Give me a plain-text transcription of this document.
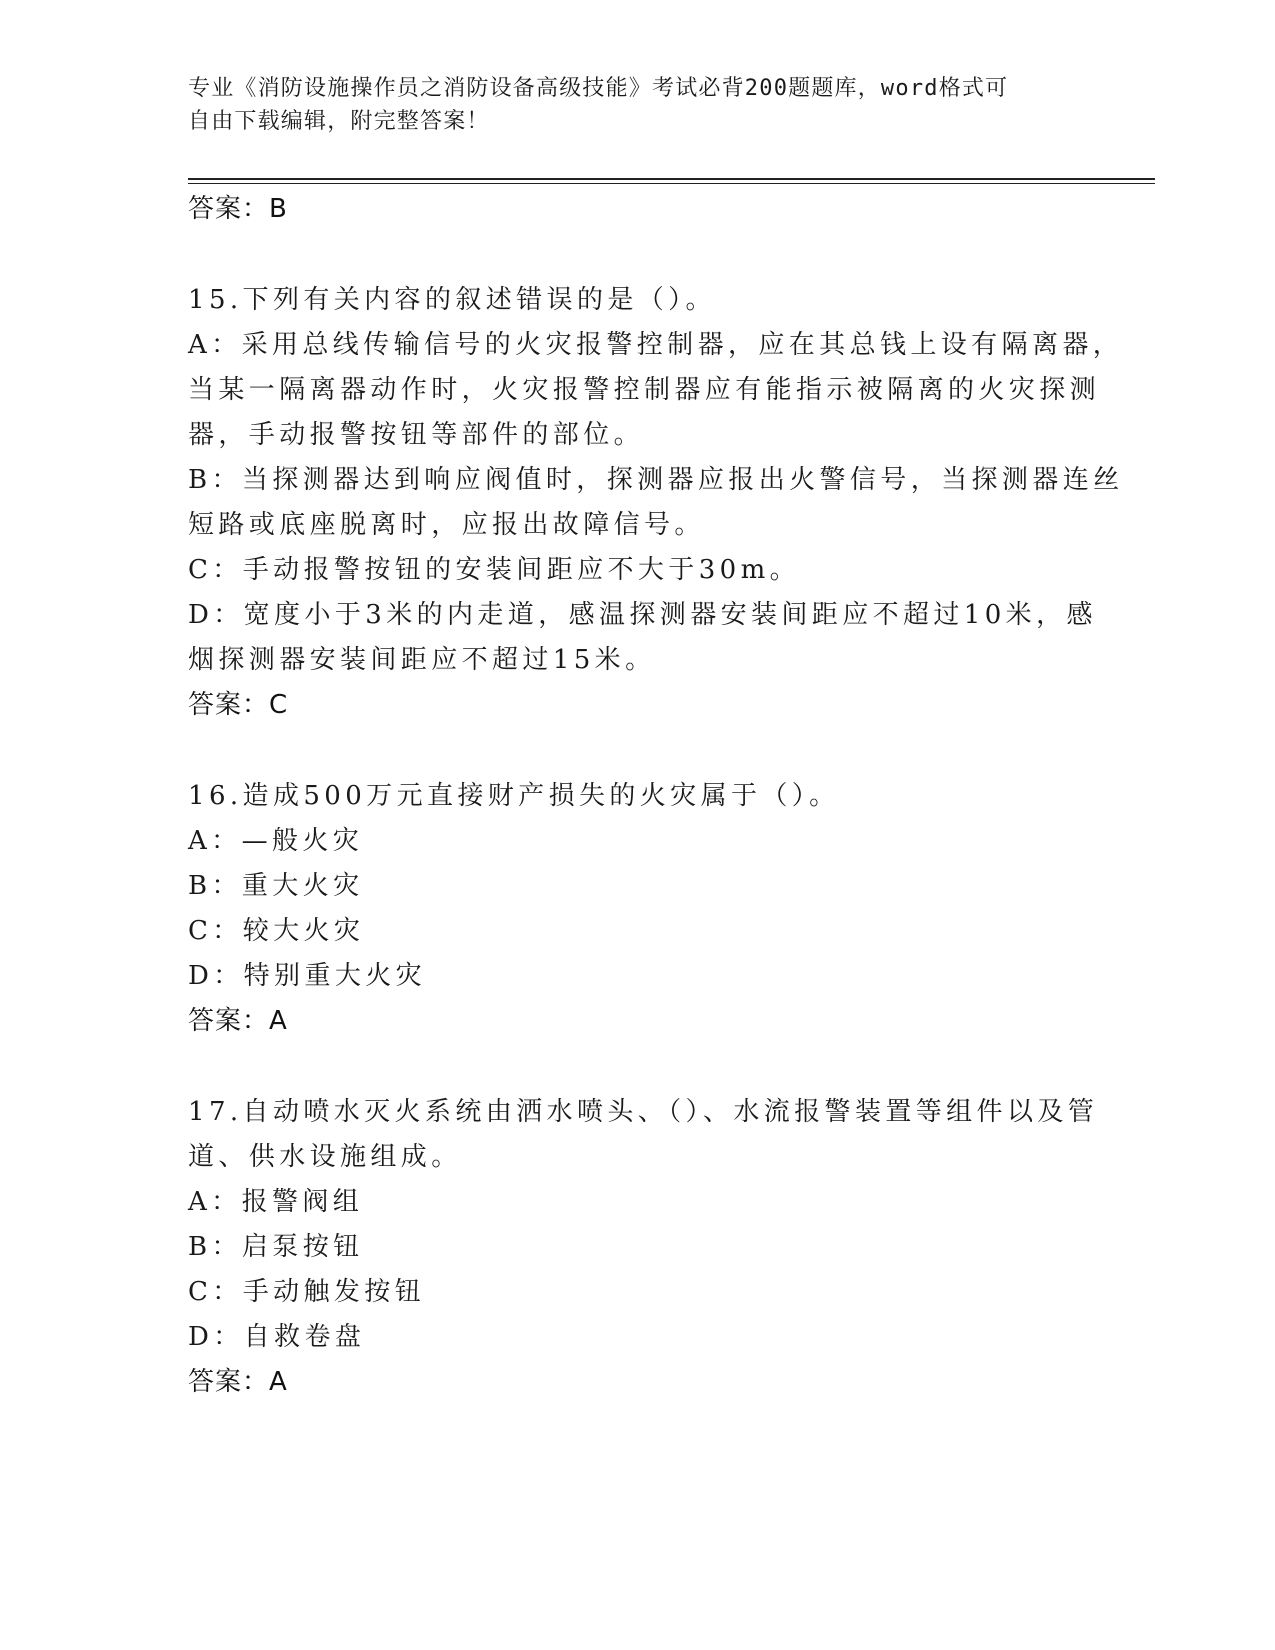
专业《消防设施操作员之消防设备高级技能》考试必背200题题库，word格式可
自由下载编辑，附完整答案！
答案：B
15.下列有关内容的叙述错误的是（）。
A：采用总线传输信号的火灾报警控制器，应在其总钱上设有隔离器，
当某一隔离器动作时，火灾报警控制器应有能指示被隔离的火灾探测
器，手动报警按钮等部件的部位。
B：当探测器达到响应阀值时，探测器应报出火警信号，当探测器连丝
短路或底座脱离时，应报出故障信号。
C：手动报警按钮的安装间距应不大于30m。
D：宽度小于3米的内走道，感温探测器安装间距应不超过10米，感
烟探测器安装间距应不超过15米。
答案：C
16.造成500万元直接财产损失的火灾属于（）。
A：—般火灾
B：重大火灾
C：较大火灾
D：特别重大火灾
答案：A
17.自动喷水灭火系统由洒水喷头、（）、水流报警装置等组件以及管
道、供水设施组成。
A：报警阀组
B：启泵按钮
C：手动触发按钮
D：自救卷盘
答案：A
